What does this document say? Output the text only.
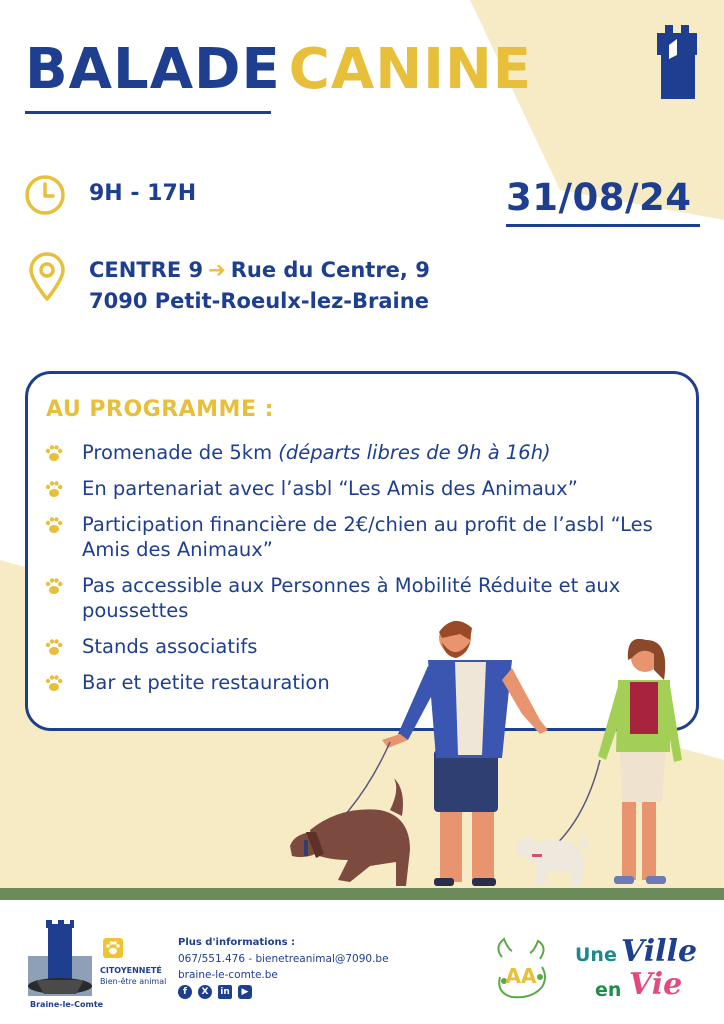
BALADE CANINE
9H - 17H	31/08/24
CENTRE 9 ➔ Rue du Centre, 9
7090 Petit-Roeulx-lez-Braine
AU PROGRAMME :
Promenade de 5km (départs libres de 9h à 16h)
En partenariat avec l’asbl “Les Amis des Animaux”
Participation financière de 2€/chien au profit de l’asbl “Les Amis des Animaux”
Pas accessible aux Personnes à Mobilité Réduite et aux poussettes
Stands associatifs
Bar et petite restauration
Braine-le-Comte
CITOYENNETÉ
Bien-être animal
Plus d'informations :
067/551.476 - bienetreanimal@7090.be
braine-le-comte.be
f	X	in	▶
AA
Une Ville
en Vie
